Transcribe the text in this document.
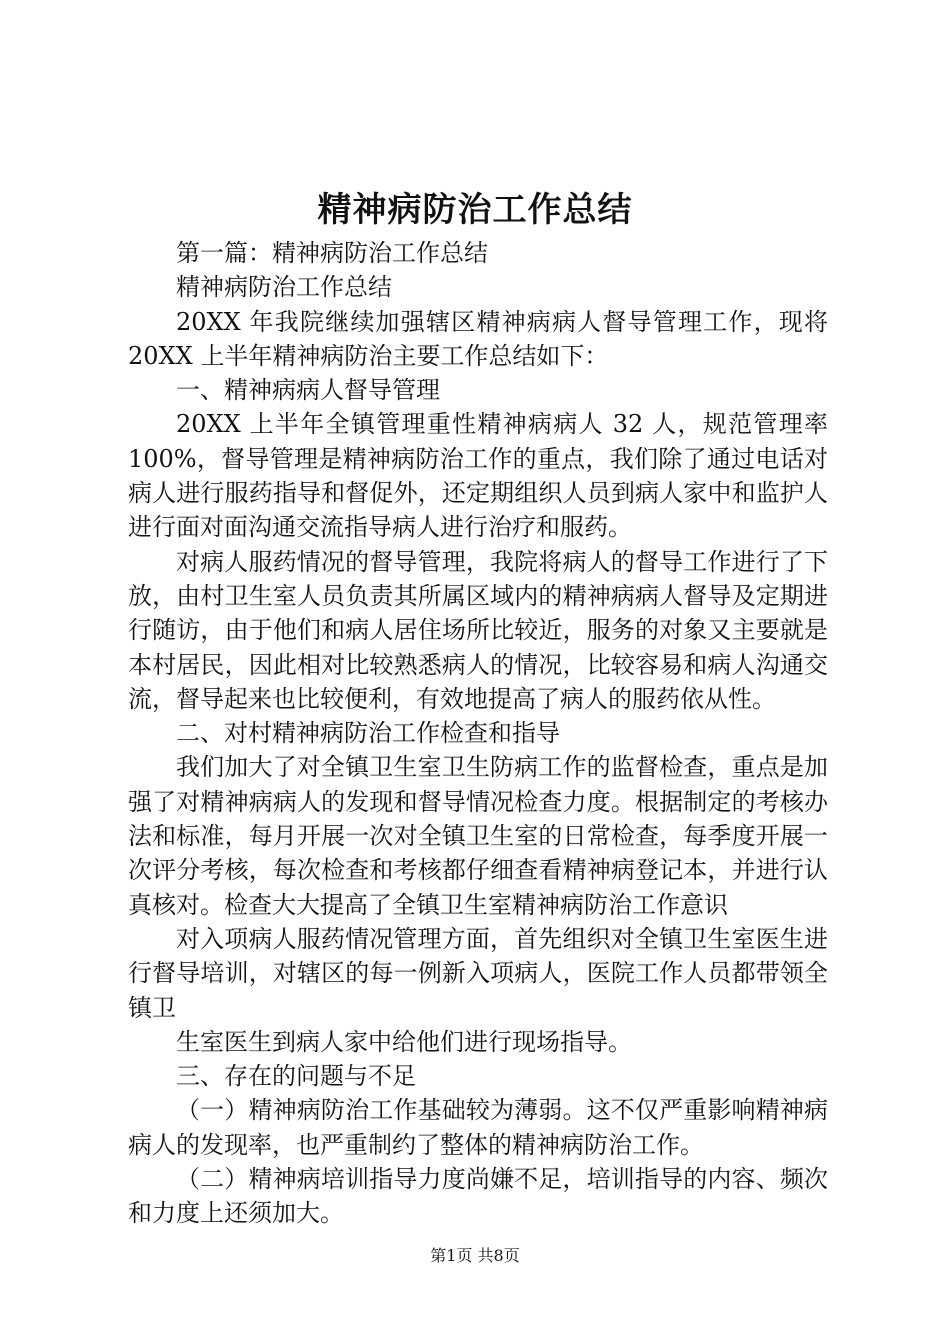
精神病防治工作总结

第一篇：精神病防治工作总结

精神病防治工作总结

20XX 年我院继续加强辖区精神病病人督导管理工作，现将 20XX 上半年精神病防治主要工作总结如下：

一、精神病病人督导管理

20XX 上半年全镇管理重性精神病病人 32 人，规范管理率 100%，督导管理是精神病防治工作的重点，我们除了通过电话对病人进行服药指导和督促外，还定期组织人员到病人家中和监护人进行面对面沟通交流指导病人进行治疗和服药。

对病人服药情况的督导管理，我院将病人的督导工作进行了下放，由村卫生室人员负责其所属区域内的精神病病人督导及定期进行随访，由于他们和病人居住场所比较近，服务的对象又主要就是本村居民，因此相对比较熟悉病人的情况，比较容易和病人沟通交流，督导起来也比较便利，有效地提高了病人的服药依从性。

二、对村精神病防治工作检查和指导

我们加大了对全镇卫生室卫生防病工作的监督检查，重点是加强了对精神病病人的发现和督导情况检查力度。根据制定的考核办法和标准，每月开展一次对全镇卫生室的日常检查，每季度开展一次评分考核，每次检查和考核都仔细查看精神病登记本，并进行认真核对。检查大大提高了全镇卫生室精神病防治工作意识

对入项病人服药情况管理方面，首先组织对全镇卫生室医生进行督导培训，对辖区的每一例新入项病人，医院工作人员都带领全镇卫

生室医生到病人家中给他们进行现场指导。

三、存在的问题与不足

（一）精神病防治工作基础较为薄弱。这不仅严重影响精神病病人的发现率，也严重制约了整体的精神病防治工作。

（二）精神病培训指导力度尚嫌不足，培训指导的内容、频次和力度上还须加大。

第1页 共8页
